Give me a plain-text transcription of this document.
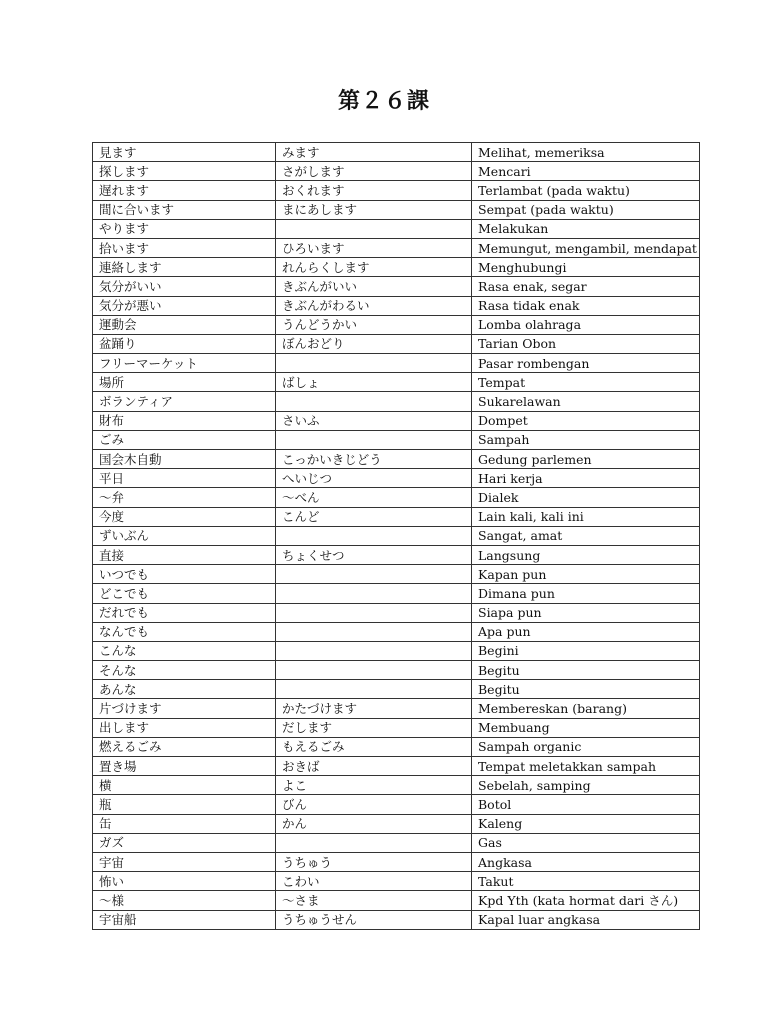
第２６課
見ます	みます	Melihat, memeriksa
探します	さがします	Mencari
遅れます	おくれます	Terlambat (pada waktu)
間に合います	まにあします	Sempat (pada waktu)
やります		Melakukan
拾います	ひろいます	Memungut, mengambil, mendapat
連絡します	れんらくします	Menghubungi
気分がいい	きぶんがいい	Rasa enak, segar
気分が悪い	きぶんがわるい	Rasa tidak enak
運動会	うんどうかい	Lomba olahraga
盆踊り	ぼんおどり	Tarian Obon
フリーマーケット		Pasar rombengan
場所	ばしょ	Tempat
ボランティア		Sukarelawan
財布	さいふ	Dompet
ごみ		Sampah
国会木自動	こっかいきじどう	Gedung parlemen
平日	へいじつ	Hari kerja
～弁	～べん	Dialek
今度	こんど	Lain kali, kali ini
ずいぶん		Sangat, amat
直接	ちょくせつ	Langsung
いつでも		Kapan pun
どこでも		Dimana pun
だれでも		Siapa pun
なんでも		Apa pun
こんな		Begini
そんな		Begitu
あんな		Begitu
片づけます	かたづけます	Membereskan (barang)
出します	だします	Membuang
燃えるごみ	もえるごみ	Sampah organic
置き場	おきば	Tempat meletakkan sampah
横	よこ	Sebelah, samping
瓶	びん	Botol
缶	かん	Kaleng
ガズ		Gas
宇宙	うちゅう	Angkasa
怖い	こわい	Takut
～様	～さま	Kpd Yth (kata hormat dari さん)
宇宙船	うちゅうせん	Kapal luar angkasa
